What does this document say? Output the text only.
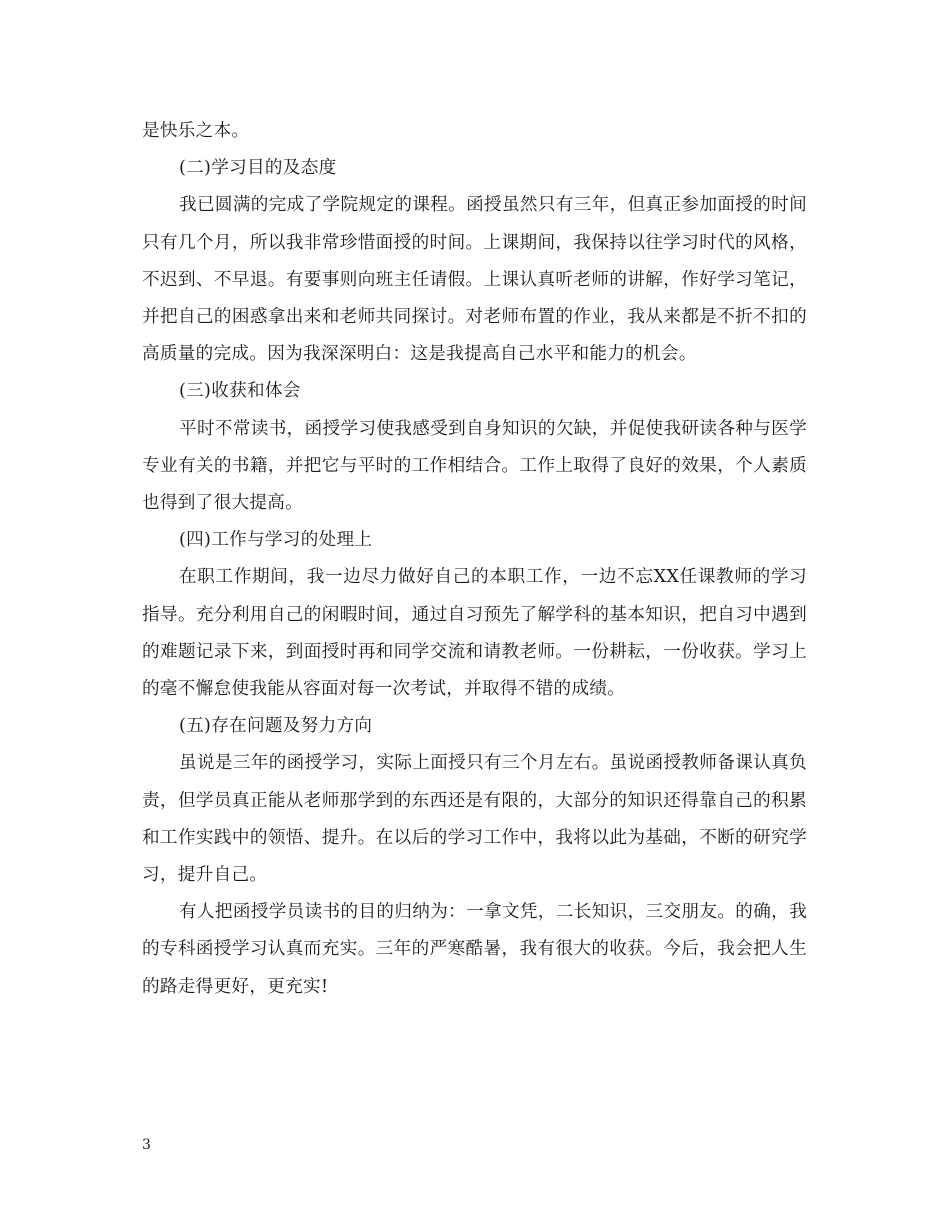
是快乐之本。

(二)学习目的及态度

我已圆满的完成了学院规定的课程。函授虽然只有三年，但真正参加面授的时间只有几个月，所以我非常珍惜面授的时间。上课期间，我保持以往学习时代的风格，不迟到、不早退。有要事则向班主任请假。上课认真听老师的讲解，作好学习笔记，并把自己的困惑拿出来和老师共同探讨。对老师布置的作业，我从来都是不折不扣的高质量的完成。因为我深深明白：这是我提高自己水平和能力的机会。

(三)收获和体会

平时不常读书，函授学习使我感受到自身知识的欠缺，并促使我研读各种与医学专业有关的书籍，并把它与平时的工作相结合。工作上取得了良好的效果，个人素质也得到了很大提高。

(四)工作与学习的处理上

在职工作期间，我一边尽力做好自己的本职工作，一边不忘XX任课教师的学习指导。充分利用自己的闲暇时间，通过自习预先了解学科的基本知识，把自习中遇到的难题记录下来，到面授时再和同学交流和请教老师。一份耕耘，一份收获。学习上的毫不懈怠使我能从容面对每一次考试，并取得不错的成绩。

(五)存在问题及努力方向

虽说是三年的函授学习，实际上面授只有三个月左右。虽说函授教师备课认真负责，但学员真正能从老师那学到的东西还是有限的，大部分的知识还得靠自己的积累和工作实践中的领悟、提升。在以后的学习工作中，我将以此为基础，不断的研究学习，提升自己。

有人把函授学员读书的目的归纳为：一拿文凭，二长知识，三交朋友。的确，我的专科函授学习认真而充实。三年的严寒酷暑，我有很大的收获。今后，我会把人生的路走得更好，更充实!

3
